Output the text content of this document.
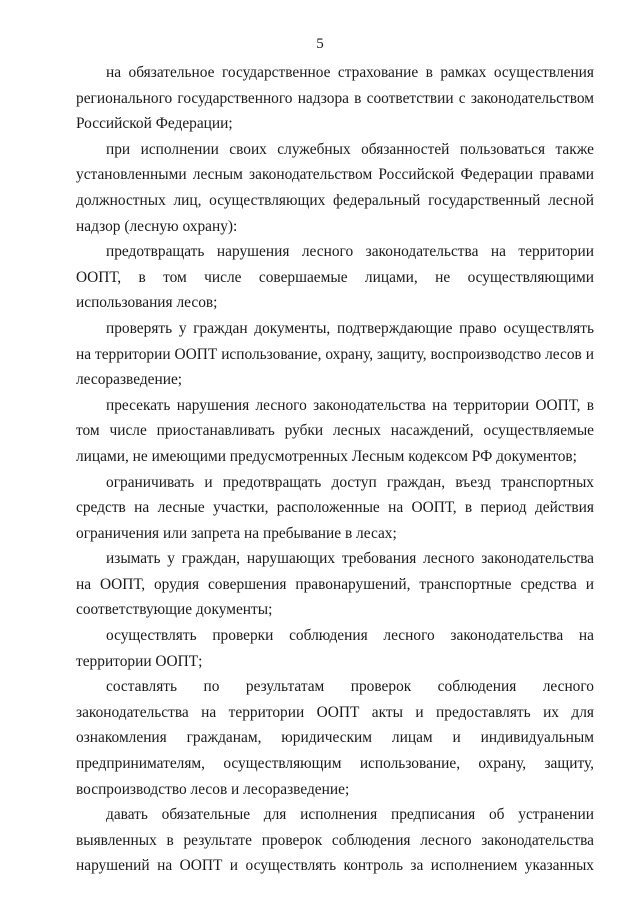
5

на обязательное государственное страхование в рамках осуществления регионального государственного надзора в соответствии с законодательством Российской Федерации;

при исполнении своих служебных обязанностей пользоваться также установленными лесным законодательством Российской Федерации правами должностных лиц, осуществляющих федеральный государственный лесной надзор (лесную охрану):

предотвращать нарушения лесного законодательства на территории ООПТ, в том числе совершаемые лицами, не осуществляющими использования лесов;

проверять у граждан документы, подтверждающие право осуществлять на территории ООПТ использование, охрану, защиту, воспроизводство лесов и лесоразведение;

пресекать нарушения лесного законодательства на территории ООПТ, в том числе приостанавливать рубки лесных насаждений, осуществляемые лицами, не имеющими предусмотренных Лесным кодексом РФ документов;

ограничивать и предотвращать доступ граждан, въезд транспортных средств на лесные участки, расположенные на ООПТ, в период действия ограничения или запрета на пребывание в лесах;

изымать у граждан, нарушающих требования лесного законодательства на ООПТ, орудия совершения правонарушений, транспортные средства и соответствующие документы;

осуществлять проверки соблюдения лесного законодательства на территории ООПТ;

составлять по результатам проверок соблюдения лесного законодательства на территории ООПТ акты и предоставлять их для ознакомления гражданам, юридическим лицам и индивидуальным предпринимателям, осуществляющим использование, охрану, защиту, воспроизводство лесов и лесоразведение;

давать обязательные для исполнения предписания об устранении выявленных в результате проверок соблюдения лесного законодательства нарушений на ООПТ и осуществлять контроль за исполнением указанных
